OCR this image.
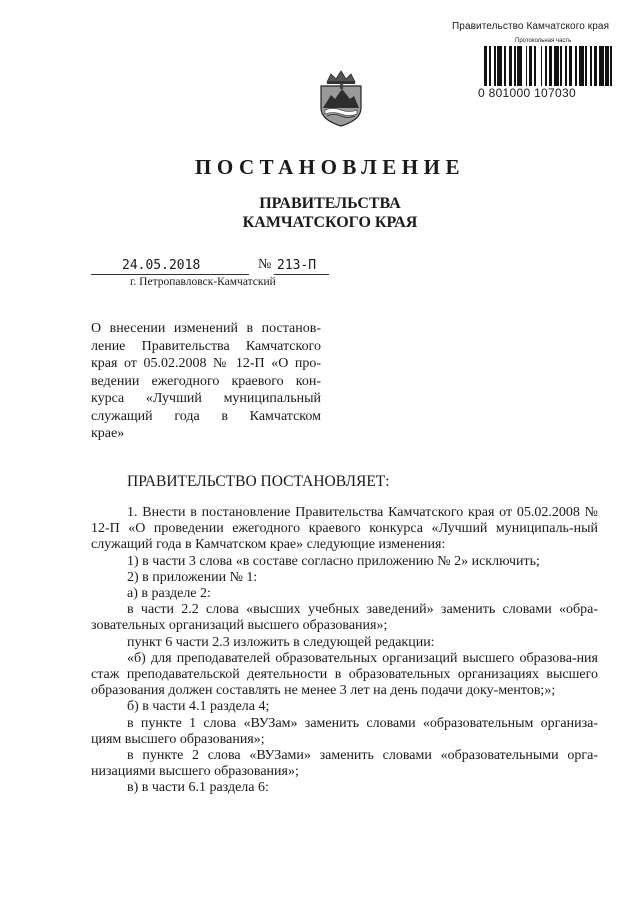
Правительство Камчатского края
Протокольная часть
0 801000 107030
ПОСТАНОВЛЕНИЕ
ПРАВИТЕЛЬСТВА
КАМЧАТСКОГО КРАЯ
24.05.2018	№ 213-П
г. Петропавловск-Камчатский
О внесении изменений в постанов-
ление Правительства Камчатского
края от 05.02.2008 № 12-П «О про-
ведении ежегодного краевого кон-
курса «Лучший муниципальный
служащий года в Камчатском
крае»
ПРАВИТЕЛЬСТВО ПОСТАНОВЛЯЕТ:

1. Внести в постановление Правительства Камчатского края от 05.02.2008 № 12-П «О проведении ежегодного краевого конкурса «Лучший муниципаль-ный служащий года в Камчатском крае» следующие изменения:

1) в части 3 слова «в составе согласно приложению № 2» исключить;

2) в приложении № 1:

а) в разделе 2:

в части 2.2 слова «высших учебных заведений» заменить словами «обра-зовательных организаций высшего образования»;

пункт 6 части 2.3 изложить в следующей редакции:

«б) для преподавателей образовательных организаций высшего образова-ния стаж преподавательской деятельности в образовательных организациях высшего образования должен составлять не менее 3 лет на день подачи доку-ментов;»;

б) в части 4.1 раздела 4;

в пункте 1 слова «ВУЗам» заменить словами «образовательным организа-циям высшего образования»;

в пункте 2 слова «ВУЗами» заменить словами «образовательными орга-низациями высшего образования»;

в) в части 6.1 раздела 6:
